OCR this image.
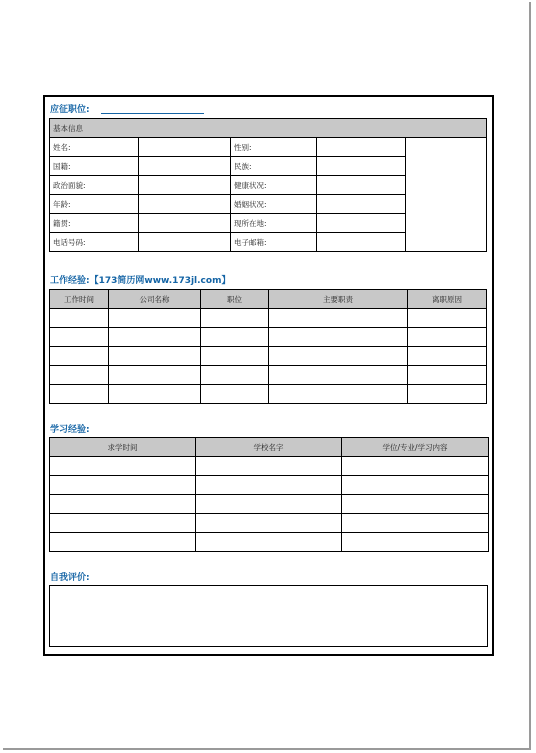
应征职位:
基本信息				
姓名:		性别:		
国籍:		民族:		
政治面貌:		健康状况:		
年龄:		婚姻状况:		
籍贯:		现所在地:		
电话号码:		电子邮箱:		
工作经验:【173简历网www.173jl.com】
工作时间	公司名称	职位	主要职责	离职原因

学习经验:
求学时间	学校名字	学位/专业/学习内容

自我评价:
